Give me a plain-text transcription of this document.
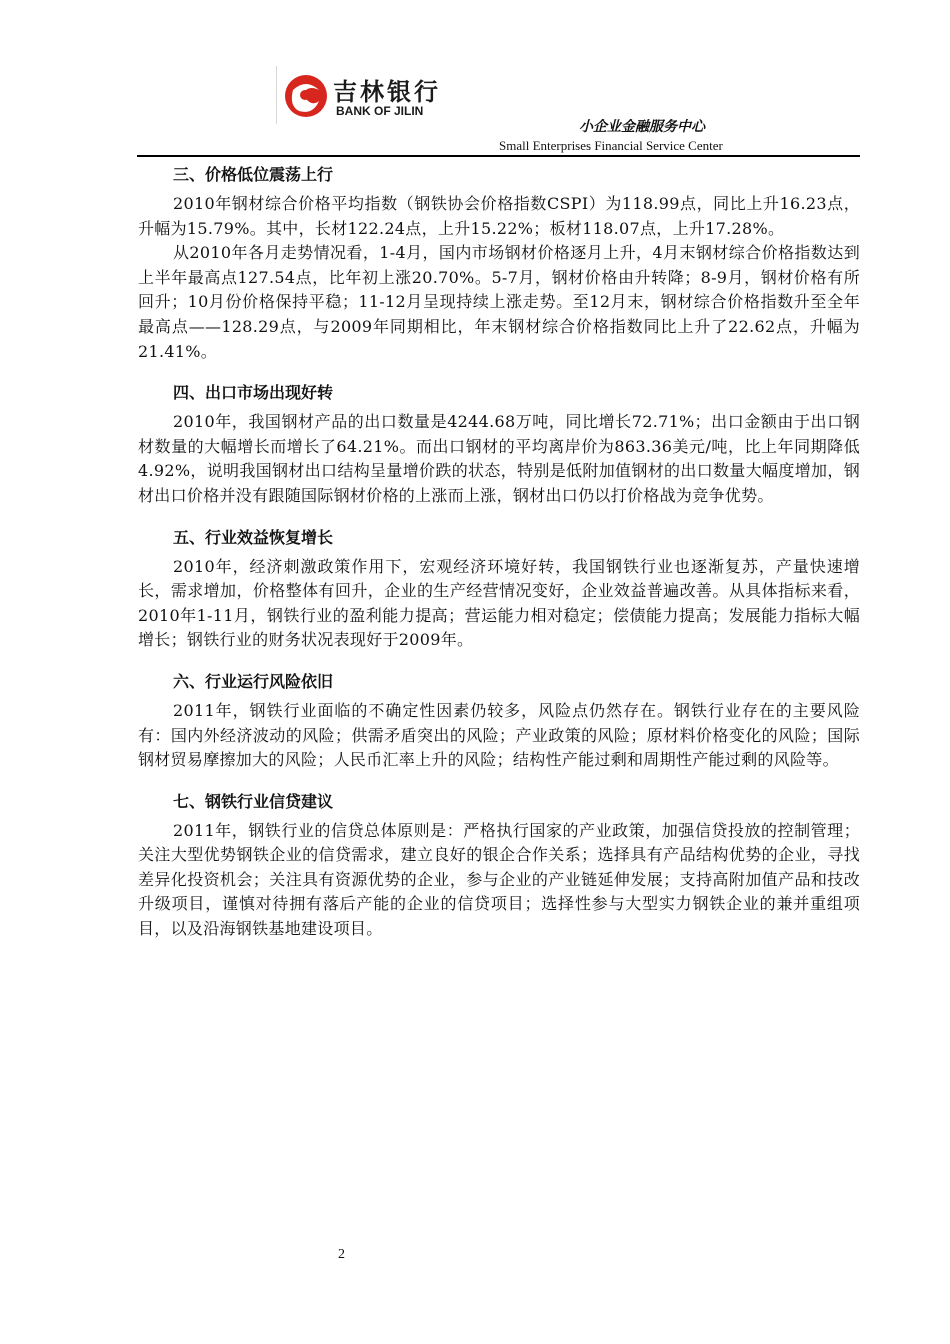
吉林银行
BANK OF JILIN
小企业金融服务中心
Small Enterprises Financial Service Center
三、价格低位震荡上行

2010年钢材综合价格平均指数（钢铁协会价格指数CSPI）为118.99点，同比上升16.23点，升幅为15.79%。其中，长材122.24点，上升15.22%；板材118.07点，上升17.28%。

从2010年各月走势情况看，1-4月，国内市场钢材价格逐月上升，4月末钢材综合价格指数达到上半年最高点127.54点，比年初上涨20.70%。5-7月，钢材价格由升转降；8-9月，钢材价格有所回升；10月份价格保持平稳；11-12月呈现持续上涨走势。至12月末，钢材综合价格指数升至全年最高点——128.29点，与2009年同期相比，年末钢材综合价格指数同比上升了22.62点，升幅为21.41%。

四、出口市场出现好转

2010年，我国钢材产品的出口数量是4244.68万吨，同比增长72.71%；出口金额由于出口钢材数量的大幅增长而增长了64.21%。而出口钢材的平均离岸价为863.36美元/吨，比上年同期降低4.92%，说明我国钢材出口结构呈量增价跌的状态，特别是低附加值钢材的出口数量大幅度增加，钢材出口价格并没有跟随国际钢材价格的上涨而上涨，钢材出口仍以打价格战为竞争优势。

五、行业效益恢复增长

2010年，经济刺激政策作用下，宏观经济环境好转，我国钢铁行业也逐渐复苏，产量快速增长，需求增加，价格整体有回升，企业的生产经营情况变好，企业效益普遍改善。从具体指标来看，2010年1-11月，钢铁行业的盈利能力提高；营运能力相对稳定；偿债能力提高；发展能力指标大幅增长；钢铁行业的财务状况表现好于2009年。

六、行业运行风险依旧

2011年，钢铁行业面临的不确定性因素仍较多，风险点仍然存在。钢铁行业存在的主要风险有：国内外经济波动的风险；供需矛盾突出的风险；产业政策的风险；原材料价格变化的风险；国际钢材贸易摩擦加大的风险；人民币汇率上升的风险；结构性产能过剩和周期性产能过剩的风险等。

七、钢铁行业信贷建议

2011年，钢铁行业的信贷总体原则是：严格执行国家的产业政策，加强信贷投放的控制管理；关注大型优势钢铁企业的信贷需求，建立良好的银企合作关系；选择具有产品结构优势的企业，寻找差异化投资机会；关注具有资源优势的企业，参与企业的产业链延伸发展；支持高附加值产品和技改升级项目，谨慎对待拥有落后产能的企业的信贷项目；选择性参与大型实力钢铁企业的兼并重组项目，以及沿海钢铁基地建设项目。

2
